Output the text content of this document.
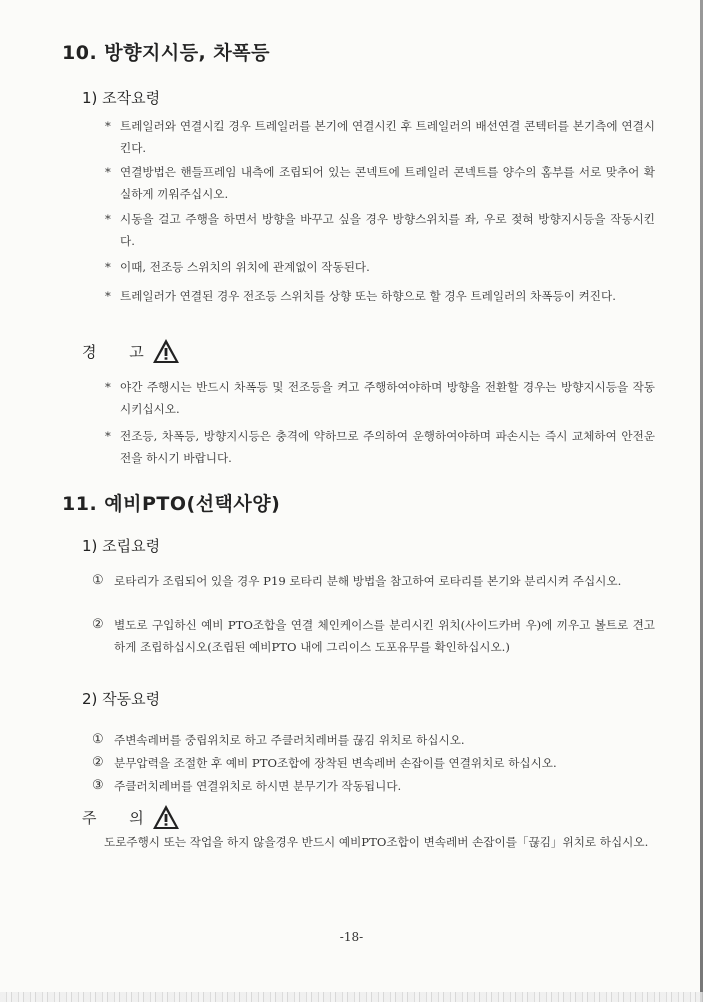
10. 방향지시등, 차폭등
1) 조작요령
* 트레일러와 연결시킬 경우 트레일러를 본기에 연결시킨 후 트레일러의 배선연결 콘텍터를 본기측에 연결시킨다.
* 연결방법은 핸들프레임 내측에 조립되어 있는 콘넥트에 트레일러 콘넥트를 양수의 홈부를 서로 맞추어 확실하게 끼워주십시오.
* 시동을 걸고 주행을 하면서 방향을 바꾸고 싶을 경우 방향스위치를 좌, 우로 젖혀 방향지시등을 작동시킨다.
* 이때, 전조등 스위치의 위치에 관계없이 작동된다.
* 트레일러가 연결된 경우 전조등 스위치를 상향 또는 하향으로 할 경우 트레일러의 차폭등이 켜진다.
경 고
* 야간 주행시는 반드시 차폭등 및 전조등을 켜고 주행하여야하며 방향을 전환할 경우는 방향지시등을 작동시키십시오.
* 전조등, 차폭등, 방향지시등은 충격에 약하므로 주의하여 운행하여야하며 파손시는 즉시 교체하여 안전운전을 하시기 바랍니다.
11. 예비PTO(선택사양)
1) 조립요령
① 로타리가 조립되어 있을 경우 P19 로타리 분해 방법을 참고하여 로타리를 본기와 분리시켜 주십시오.
② 별도로 구입하신 예비 PTO조합을 연결 체인케이스를 분리시킨 위치(사이드카버 우)에 끼우고 볼트로 견고하게 조립하십시오(조립된 예비PTO 내에 그리이스 도포유무를 확인하십시오.)
2) 작동요령
① 주변속레버를 중립위치로 하고 주클러치레버를 끊김 위치로 하십시오.
② 분무압력을 조절한 후 예비 PTO조합에 장착된 변속레버 손잡이를 연결위치로 하십시오.
③ 주클러치레버를 연결위치로 하시면 분무기가 작동됩니다.
주 의
도로주행시 또는 작업을 하지 않을경우 반드시 예비PTO조합이 변속레버 손잡이를「끊김」위치로 하십시오.
-18-
